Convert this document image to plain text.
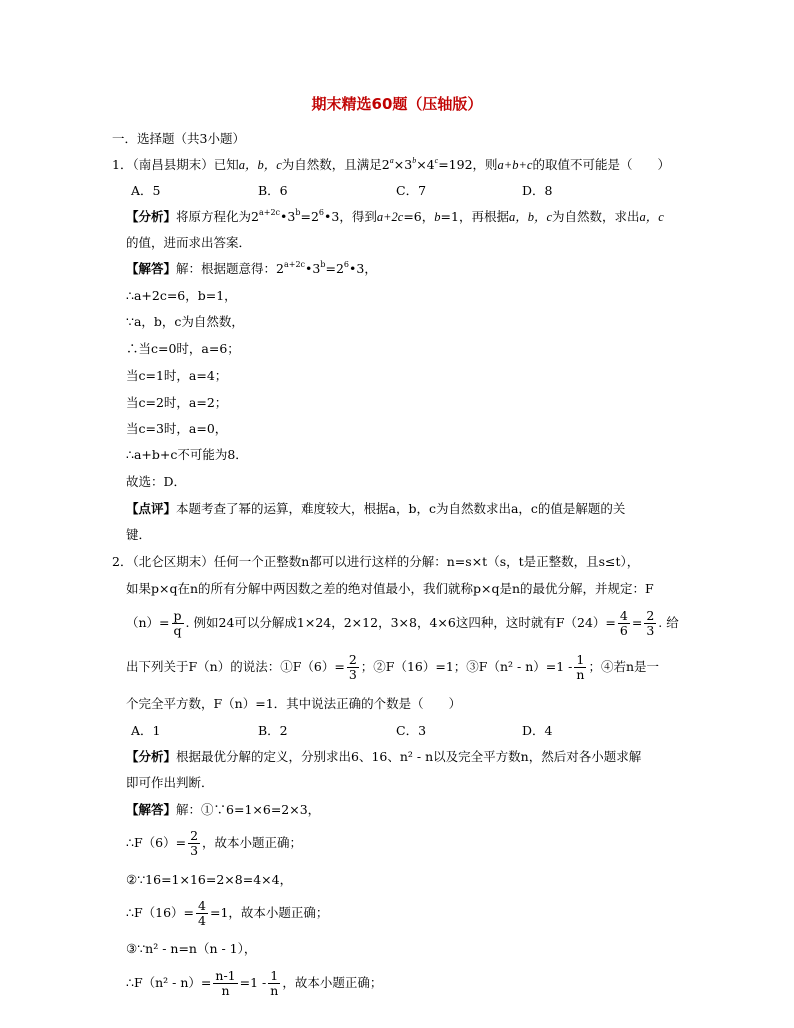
期末精选60题（压轴版）
一．选择题（共3小题）
1．（南昌县期末）已知a，b，c为自然数，且满足$2^a\times 3^b\times 4^c=192$，则a+b+c的取值不可能是（　　）
A．5	B．6	C．7	D．8
【分析】将原方程化为$2^{a+2c}•3^b=2^6•3$，得到a+2c=6，b=1，再根据a，b，c为自然数，求出a，c
的值，进而求出答案．
【解答】解：根据题意得：$2^{a+2c}•3^b=2^6•3$，
∴a+2c=6，b=1，
∵a，b，c为自然数，
∴当c=0时，a=6；
当c=1时，a=4；
当c=2时，a=2；
当c=3时，a=0，
∴a+b+c不可能为8．
故选：D．
【点评】本题考查了幂的运算，难度较大，根据a，b，c为自然数求出a，c的值是解题的关
键．
2．（北仑区期末）任何一个正整数n都可以进行这样的分解：n=s×t（s，t是正整数，且s≤t），
如果p×q在n的所有分解中两因数之差的绝对值最小，我们就称p×q是n的最优分解，并规定：F
$(n)= \frac{p}{q}$ . 例如24可以分解成1×24，2×12，3×8，4×6这四种，这时就有$F(24)= \frac{4}{6} = \frac{2}{3}$ . 给
出下列关于F（n）的说法：①F（6）= $\frac{2}{3}$ ；②F（16）=1；③F（n² - $n)=1 - \frac{1}{n}$ ；④若n是一
个完全平方数，F（n）=1．其中说法正确的个数是（　　）
A．1	B．2	C．3	D．4
【分析】根据最优分解的定义，分别求出6、16、n² - n以及完全平方数n，然后对各小题求解
即可作出判断．
【解答】解：①∵6=1×6=2×3，
∴F（6）= $\frac{2}{3}$ ，故本小题正确；
②∵16=1×16=2×8=4×4，
∴F（16）= $\frac{4}{4} =1$，故本小题正确；
③∵n² - n=n（n - 1），
∴F（n² - $n)= \frac{n-1}{n} =1 - \frac{1}{n}$ ，故本小题正确；
